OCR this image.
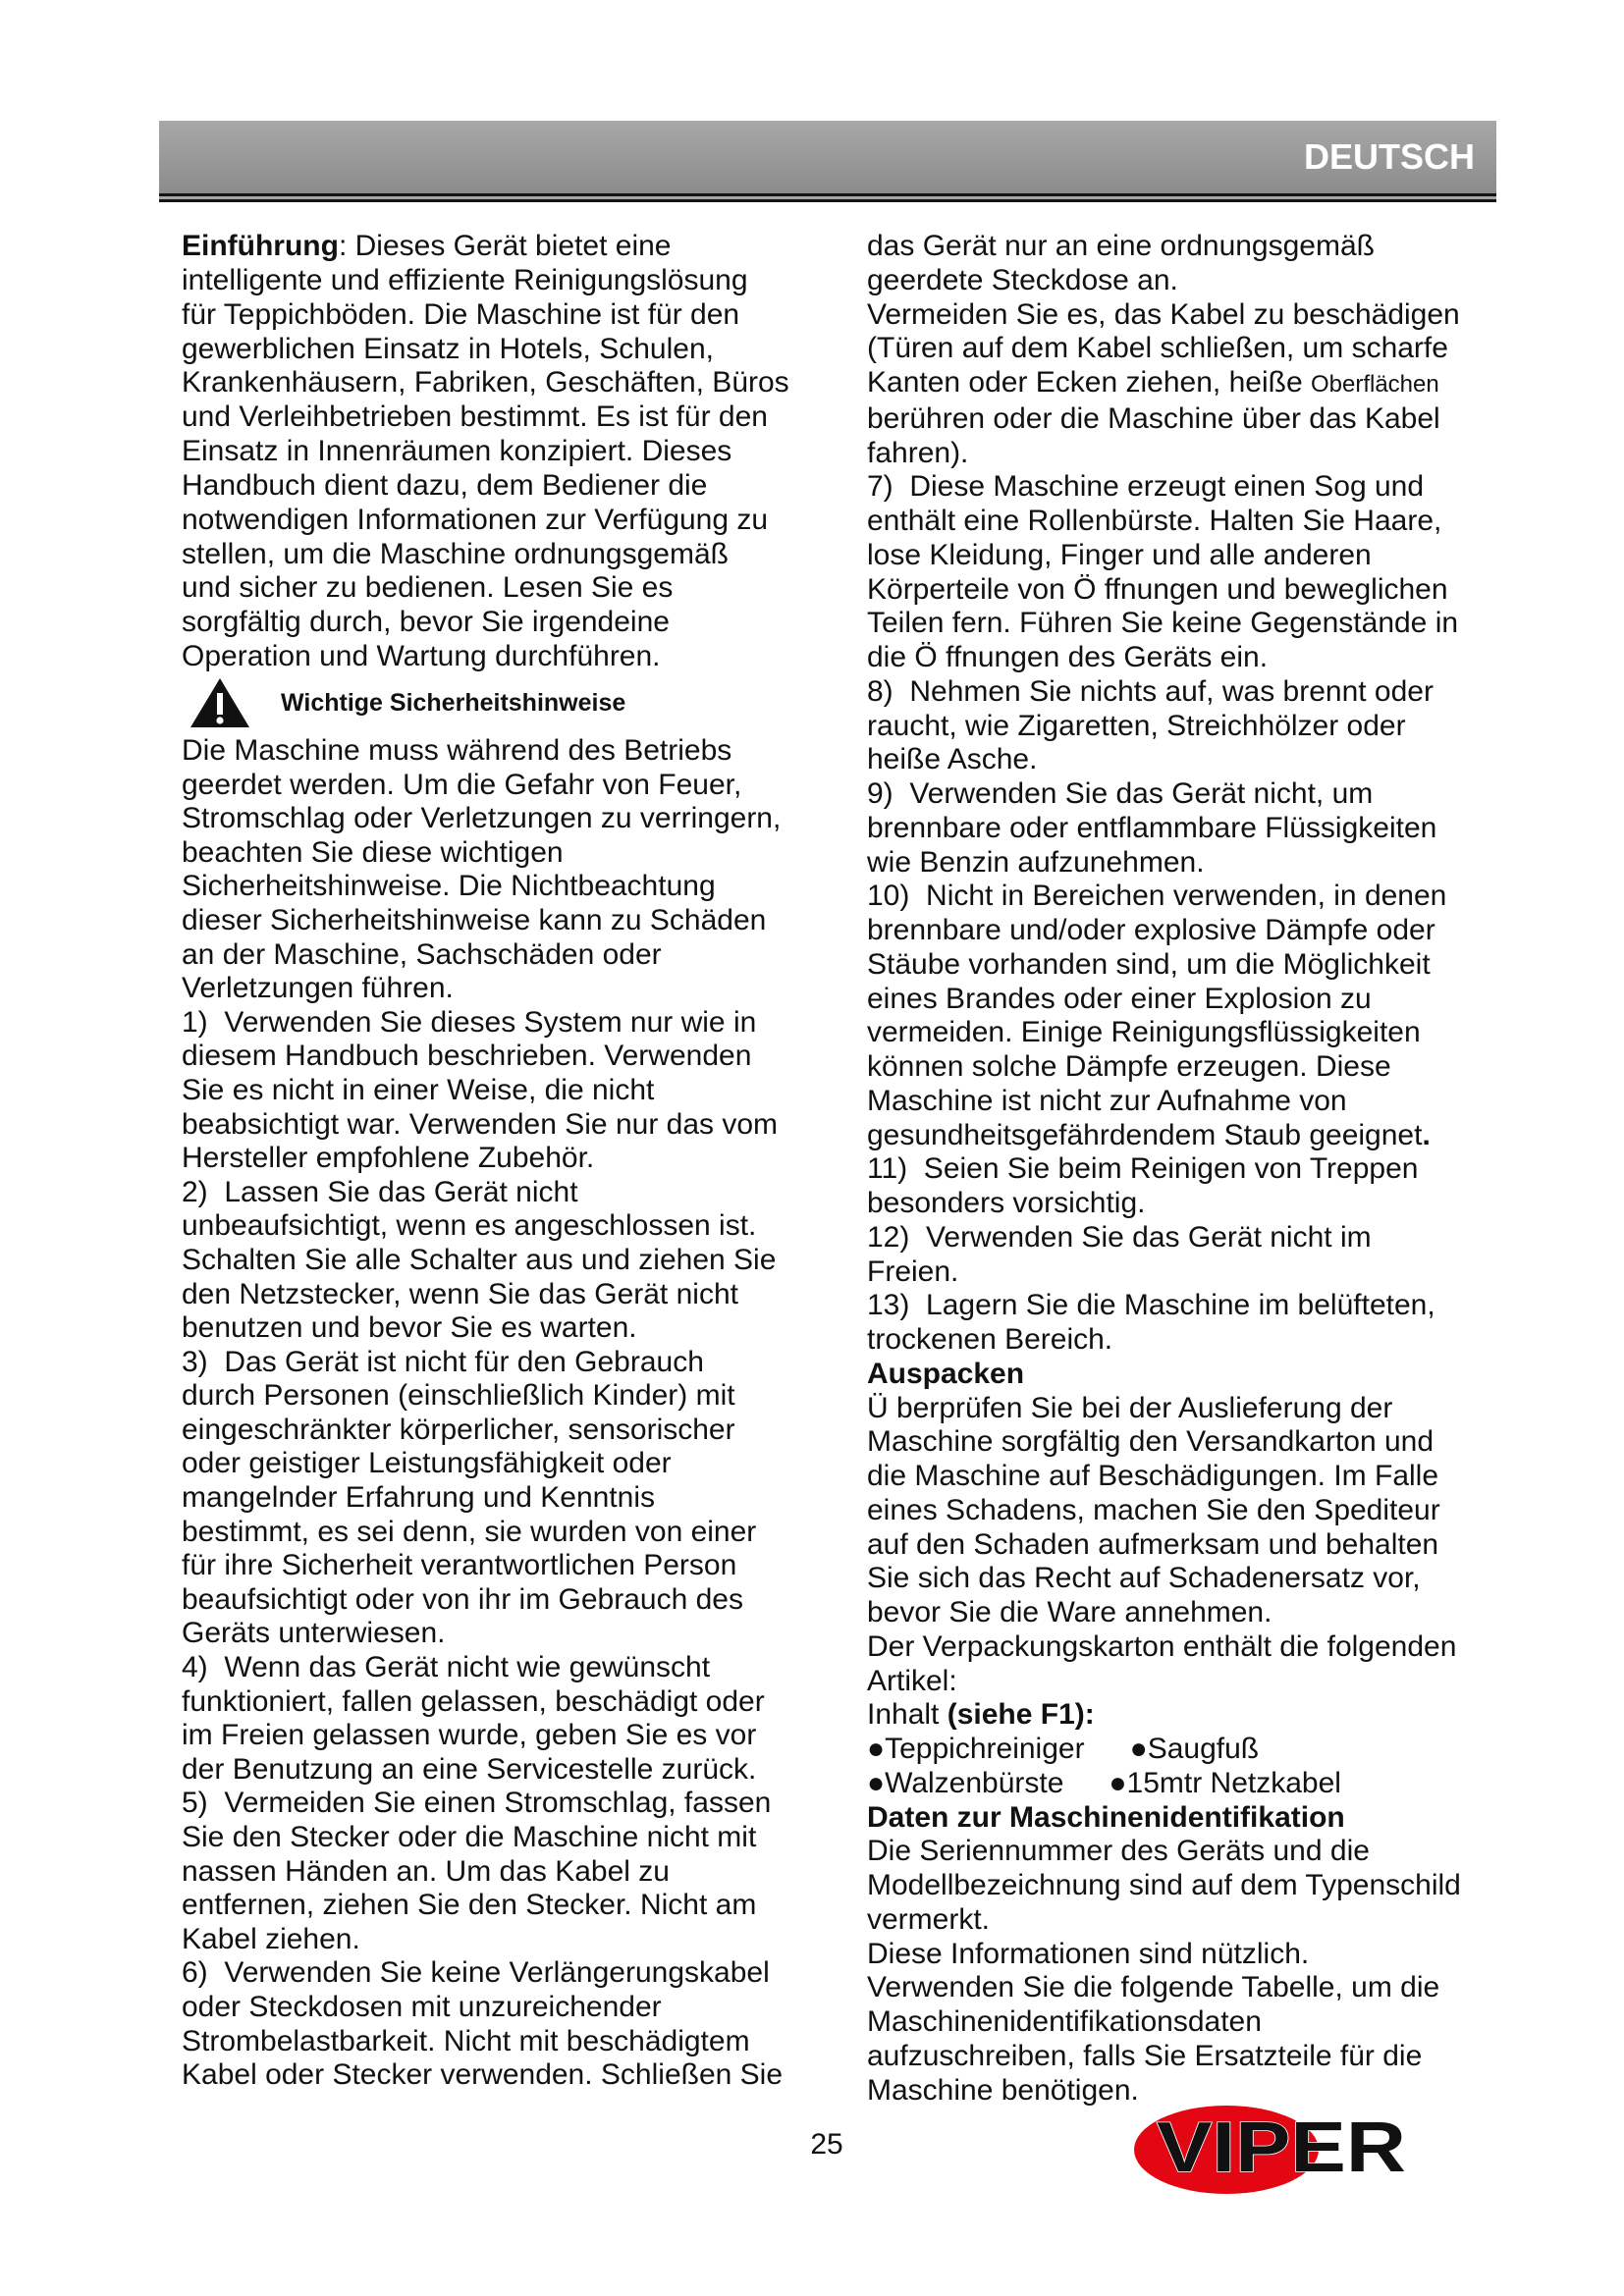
DEUTSCH
Einführung: Dieses Gerät bietet eine
intelligente und effiziente Reinigungslösung
für Teppichböden. Die Maschine ist für den
gewerblichen Einsatz in Hotels, Schulen,
Krankenhäusern, Fabriken, Geschäften, Büros
und Verleihbetrieben bestimmt. Es ist für den
Einsatz in Innenräumen konzipiert. Dieses
Handbuch dient dazu, dem Bediener die
notwendigen Informationen zur Verfügung zu
stellen, um die Maschine ordnungsgemäß
und sicher zu bedienen. Lesen Sie es
sorgfältig durch, bevor Sie irgendeine
Operation und Wartung durchführen.
Wichtige Sicherheitshinweise
Die Maschine muss während des Betriebs
geerdet werden. Um die Gefahr von Feuer,
Stromschlag oder Verletzungen zu verringern,
beachten Sie diese wichtigen
Sicherheitshinweise. Die Nichtbeachtung
dieser Sicherheitshinweise kann zu Schäden
an der Maschine, Sachschäden oder
Verletzungen führen.
1)  Verwenden Sie dieses System nur wie in
diesem Handbuch beschrieben. Verwenden
Sie es nicht in einer Weise, die nicht
beabsichtigt war. Verwenden Sie nur das vom
Hersteller empfohlene Zubehör.
2)  Lassen Sie das Gerät nicht
unbeaufsichtigt, wenn es angeschlossen ist.
Schalten Sie alle Schalter aus und ziehen Sie
den Netzstecker, wenn Sie das Gerät nicht
benutzen und bevor Sie es warten.
3)  Das Gerät ist nicht für den Gebrauch
durch Personen (einschließlich Kinder) mit
eingeschränkter körperlicher, sensorischer
oder geistiger Leistungsfähigkeit oder
mangelnder Erfahrung und Kenntnis
bestimmt, es sei denn, sie wurden von einer
für ihre Sicherheit verantwortlichen Person
beaufsichtigt oder von ihr im Gebrauch des
Geräts unterwiesen.
4)  Wenn das Gerät nicht wie gewünscht
funktioniert, fallen gelassen, beschädigt oder
im Freien gelassen wurde, geben Sie es vor
der Benutzung an eine Servicestelle zurück.
5)  Vermeiden Sie einen Stromschlag, fassen
Sie den Stecker oder die Maschine nicht mit
nassen Händen an. Um das Kabel zu
entfernen, ziehen Sie den Stecker. Nicht am
Kabel ziehen.
6)  Verwenden Sie keine Verlängerungskabel
oder Steckdosen mit unzureichender
Strombelastbarkeit. Nicht mit beschädigtem
Kabel oder Stecker verwenden. Schließen Sie
das Gerät nur an eine ordnungsgemäß
geerdete Steckdose an.
Vermeiden Sie es, das Kabel zu beschädigen
(Türen auf dem Kabel schließen, um scharfe
Kanten oder Ecken ziehen, heiße Oberflächen
berühren oder die Maschine über das Kabel
fahren).
7)  Diese Maschine erzeugt einen Sog und
enthält eine Rollenbürste. Halten Sie Haare,
lose Kleidung, Finger und alle anderen
Körperteile von Ö ffnungen und beweglichen
Teilen fern. Führen Sie keine Gegenstände in
die Ö ffnungen des Geräts ein.
8)  Nehmen Sie nichts auf, was brennt oder
raucht, wie Zigaretten, Streichhölzer oder
heiße Asche.
9)  Verwenden Sie das Gerät nicht, um
brennbare oder entflammbare Flüssigkeiten
wie Benzin aufzunehmen.
10)  Nicht in Bereichen verwenden, in denen
brennbare und/oder explosive Dämpfe oder
Stäube vorhanden sind, um die Möglichkeit
eines Brandes oder einer Explosion zu
vermeiden. Einige Reinigungsflüssigkeiten
können solche Dämpfe erzeugen. Diese
Maschine ist nicht zur Aufnahme von
gesundheitsgefährdendem Staub geeignet.
11)  Seien Sie beim Reinigen von Treppen
besonders vorsichtig.
12)  Verwenden Sie das Gerät nicht im
Freien.
13)  Lagern Sie die Maschine im belüfteten,
trockenen Bereich.
Auspacken
Ü berprüfen Sie bei der Auslieferung der
Maschine sorgfältig den Versandkarton und
die Maschine auf Beschädigungen. Im Falle
eines Schadens, machen Sie den Spediteur
auf den Schaden aufmerksam und behalten
Sie sich das Recht auf Schadenersatz vor,
bevor Sie die Ware annehmen.
Der Verpackungskarton enthält die folgenden
Artikel:
Inhalt (siehe F1):
●Teppichreiniger ●Saugfuß
●Walzenbürste ●15mtr Netzkabel
Daten zur Maschinenidentifikation
Die Seriennummer des Geräts und die
Modellbezeichnung sind auf dem Typenschild
vermerkt.
Diese Informationen sind nützlich.
Verwenden Sie die folgende Tabelle, um die
Maschinenidentifikationsdaten
aufzuschreiben, falls Sie Ersatzteile für die
Maschine benötigen.
25	VIPER
